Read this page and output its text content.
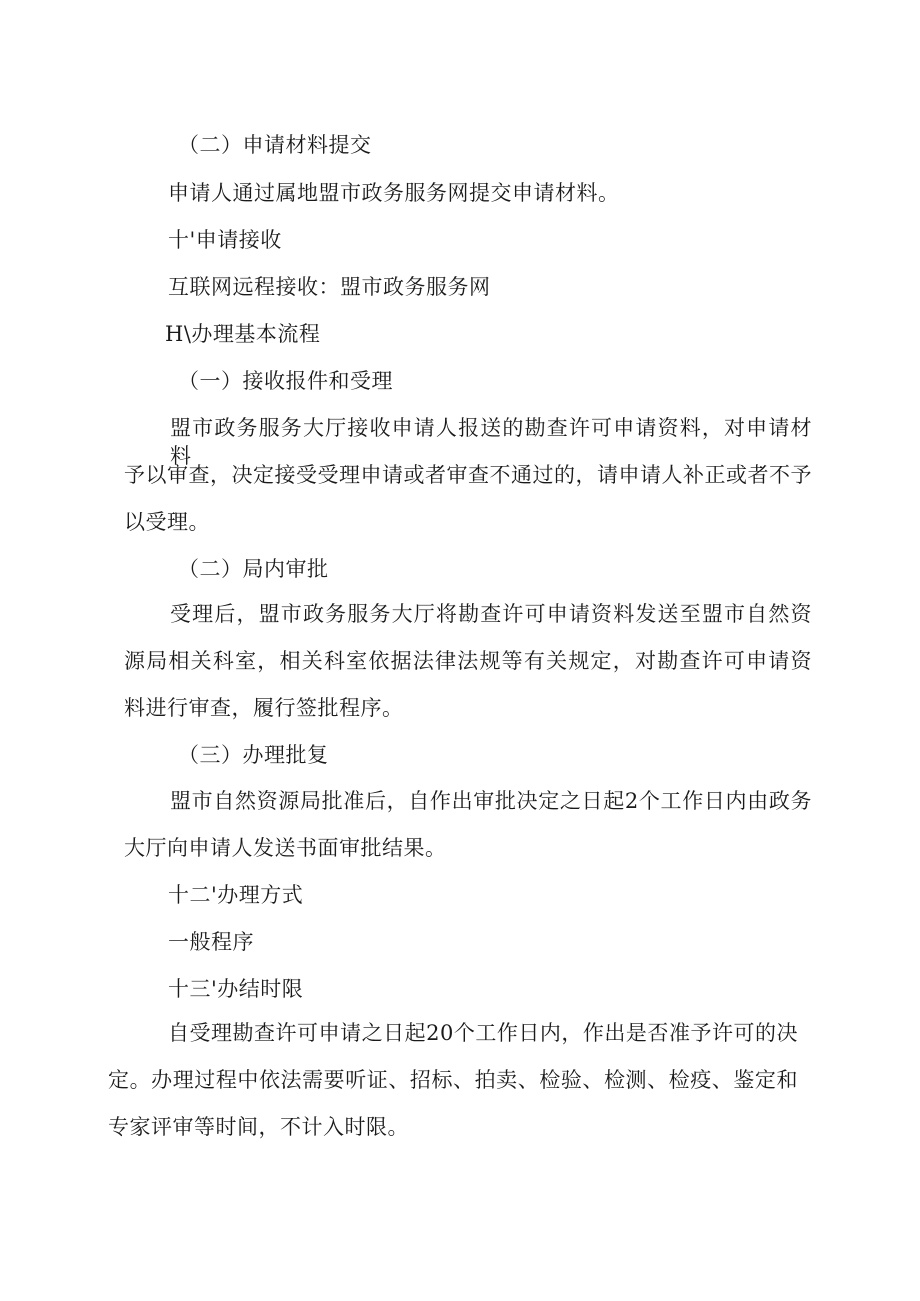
（二）申请材料提交
申请人通过属地盟市政务服务网提交申请材料。
十'申请接收
互联网远程接收：盟市政务服务网
H\办理基本流程
（一）接收报件和受理
盟市政务服务大厅接收申请人报送的勘查许可申请资料，对申请材料
予以审查，决定接受受理申请或者审查不通过的，请申请人补正或者不予
以受理。
（二）局内审批
受理后，盟市政务服务大厅将勘查许可申请资料发送至盟市自然资
源局相关科室，相关科室依据法律法规等有关规定，对勘查许可申请资
料进行审查，履行签批程序。
（三）办理批复
盟市自然资源局批准后，自作出审批决定之日起2个工作日内由政务
大厅向申请人发送书面审批结果。
十二'办理方式
一般程序
十三'办结时限
自受理勘查许可申请之日起20个工作日内，作出是否准予许可的决
定。办理过程中依法需要听证、招标、拍卖、检验、检测、检疫、鉴定和
专家评审等时间，不计入时限。
